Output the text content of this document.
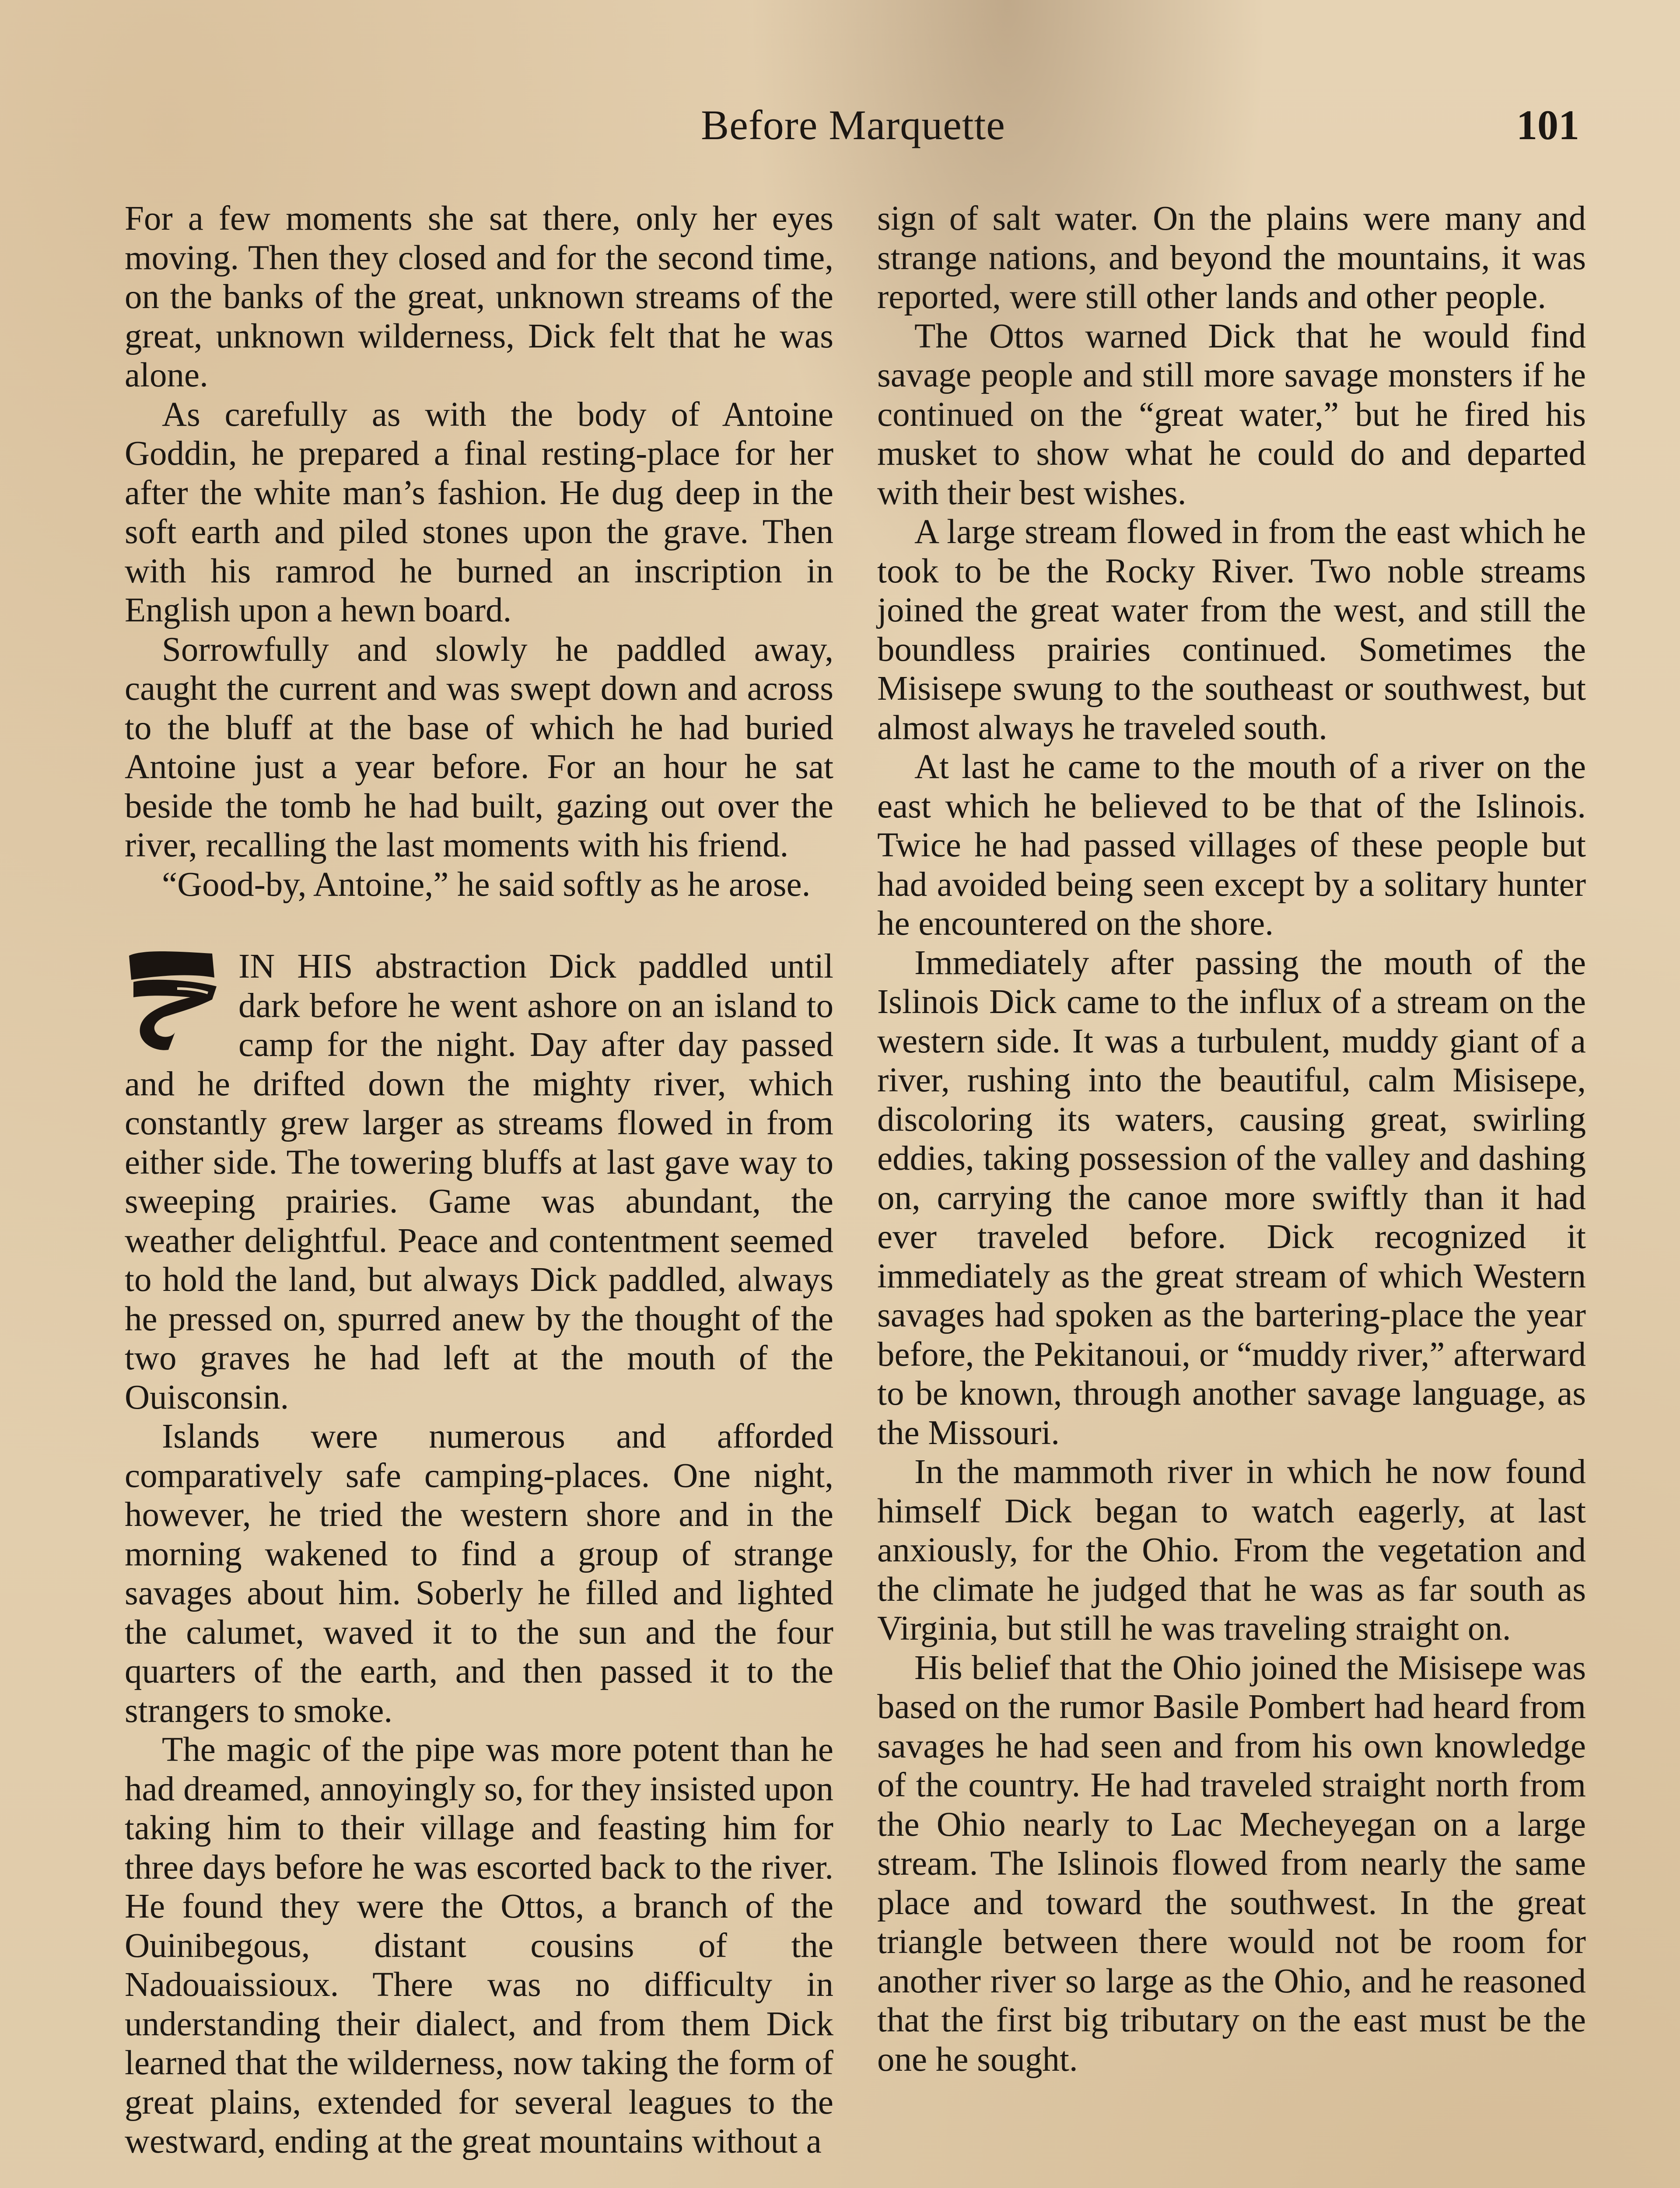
Before Marquette	101

For a few moments she sat there, only her eyes moving. Then they closed and for the second time, on the banks of the great, unknown streams of the great, unknown wilderness, Dick felt that he was alone.

As carefully as with the body of Antoine Goddin, he prepared a final resting-place for her after the white man’s fashion. He dug deep in the soft earth and piled stones upon the grave. Then with his ramrod he burned an inscription in English upon a hewn board.

Sorrowfully and slowly he paddled away, caught the current and was swept down and across to the bluff at the base of which he had buried Antoine just a year before. For an hour he sat beside the tomb he had built, gazing out over the river, recalling the last moments with his friend.

“Good-by, Antoine,” he said softly as he arose.

IN HIS abstraction Dick paddled until dark before he went ashore on an island to camp for the night. Day after day passed and he drifted down the mighty river, which constantly grew larger as streams flowed in from either side. The towering bluffs at last gave way to sweeping prairies. Game was abundant, the weather delightful. Peace and contentment seemed to hold the land, but always Dick paddled, always he pressed on, spurred anew by the thought of the two graves he had left at the mouth of the Ouisconsin.

Islands were numerous and afforded comparatively safe camping-places. One night, however, he tried the western shore and in the morning wakened to find a group of strange savages about him. Soberly he filled and lighted the calumet, waved it to the sun and the four quarters of the earth, and then passed it to the strangers to smoke.

The magic of the pipe was more potent than he had dreamed, annoyingly so, for they insisted upon taking him to their village and feasting him for three days before he was escorted back to the river. He found they were the Ottos, a branch of the Ouinibegous, distant cousins of the Nadouaissioux. There was no difficulty in understanding their dialect, and from them Dick learned that the wilderness, now taking the form of great plains, extended for several leagues to the westward, ending at the great mountains without a

sign of salt water. On the plains were many and strange nations, and beyond the mountains, it was reported, were still other lands and other people.

The Ottos warned Dick that he would find savage people and still more savage monsters if he continued on the “great water,” but he fired his musket to show what he could do and departed with their best wishes.

A large stream flowed in from the east which he took to be the Rocky River. Two noble streams joined the great water from the west, and still the boundless prairies continued. Sometimes the Misisepe swung to the southeast or southwest, but almost always he traveled south.

At last he came to the mouth of a river on the east which he believed to be that of the Islinois. Twice he had passed villages of these people but had avoided being seen except by a solitary hunter he encountered on the shore.

Immediately after passing the mouth of the Islinois Dick came to the influx of a stream on the western side. It was a turbulent, muddy giant of a river, rushing into the beautiful, calm Misisepe, discoloring its waters, causing great, swirling eddies, taking possession of the valley and dashing on, carrying the canoe more swiftly than it had ever traveled before. Dick recognized it immediately as the great stream of which Western savages had spoken as the bartering-place the year before, the Pekitanoui, or “muddy river,” afterward to be known, through another savage language, as the Missouri.

In the mammoth river in which he now found himself Dick began to watch eagerly, at last anxiously, for the Ohio. From the vegetation and the climate he judged that he was as far south as Virginia, but still he was traveling straight on.

His belief that the Ohio joined the Misisepe was based on the rumor Basile Pombert had heard from savages he had seen and from his own knowledge of the country. He had traveled straight north from the Ohio nearly to Lac Mecheyegan on a large stream. The Islinois flowed from nearly the same place and toward the southwest. In the great triangle between there would not be room for another river so large as the Ohio, and he reasoned that the first big tributary on the east must be the one he sought.
